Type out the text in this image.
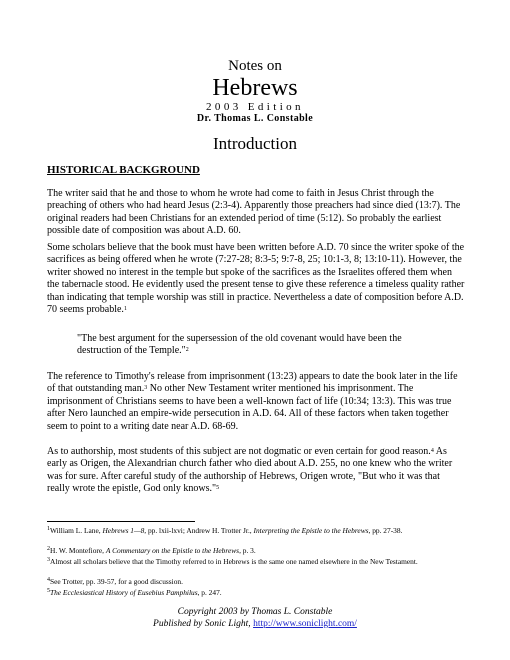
Notes on
Hebrews
2003 Edition
Dr. Thomas L. Constable
Introduction
HISTORICAL BACKGROUND

The writer said that he and those to whom he wrote had come to faith in Jesus Christ through the preaching of others who had heard Jesus (2:3-4). Apparently those preachers had since died (13:7). The original readers had been Christians for an extended period of time (5:12). So probably the earliest possible date of composition was about A.D. 60.

Some scholars believe that the book must have been written before A.D. 70 since the writer spoke of the sacrifices as being offered when he wrote (7:27-28; 8:3-5; 9:7-8, 25; 10:1-3, 8; 13:10-11). However, the writer showed no interest in the temple but spoke of the sacrifices as the Israelites offered them when the tabernacle stood. He evidently used the present tense to give these reference a timeless quality rather than indicating that temple worship was still in practice. Nevertheless a date of composition before A.D. 70 seems probable.$^1$

"The best argument for the supersession of the old covenant would have been the destruction of the Temple."$^2$

The reference to Timothy's release from imprisonment (13:23) appears to date the book later in the life of that outstanding man.$^3$ No other New Testament writer mentioned his imprisonment. The imprisonment of Christians seems to have been a well-known fact of life (10:34; 13:3). This was true after Nero launched an empire-wide persecution in A.D. 64. All of these factors when taken together seem to point to a writing date near A.D. 68-69.

As to authorship, most students of this subject are not dogmatic or even certain for good reason.$^4$ As early as Origen, the Alexandrian church father who died about A.D. 255, no one knew who the writer was for sure. After careful study of the authorship of Hebrews, Origen wrote, "But who it was that really wrote the epistle, God only knows."$^5$

$^1$William L. Lane, Hebrews 1—8, pp. lxii-lxvi; Andrew H. Trotter Jr., Interpreting the Epistle to the Hebrews, pp. 27-38.

$^2$H. W. Montefiore, A Commentary on the Epistle to the Hebrews, p. 3.

$^3$Almost all scholars believe that the Timothy referred to in Hebrews is the same one named elsewhere in the New Testament.

$^4$See Trotter, pp. 39-57, for a good discussion.

$^5$The Ecclesiastical History of Eusebius Pamphilus, p. 247.

Copyright 2003 by Thomas L. Constable
Published by Sonic Light, http://www.soniclight.com/
